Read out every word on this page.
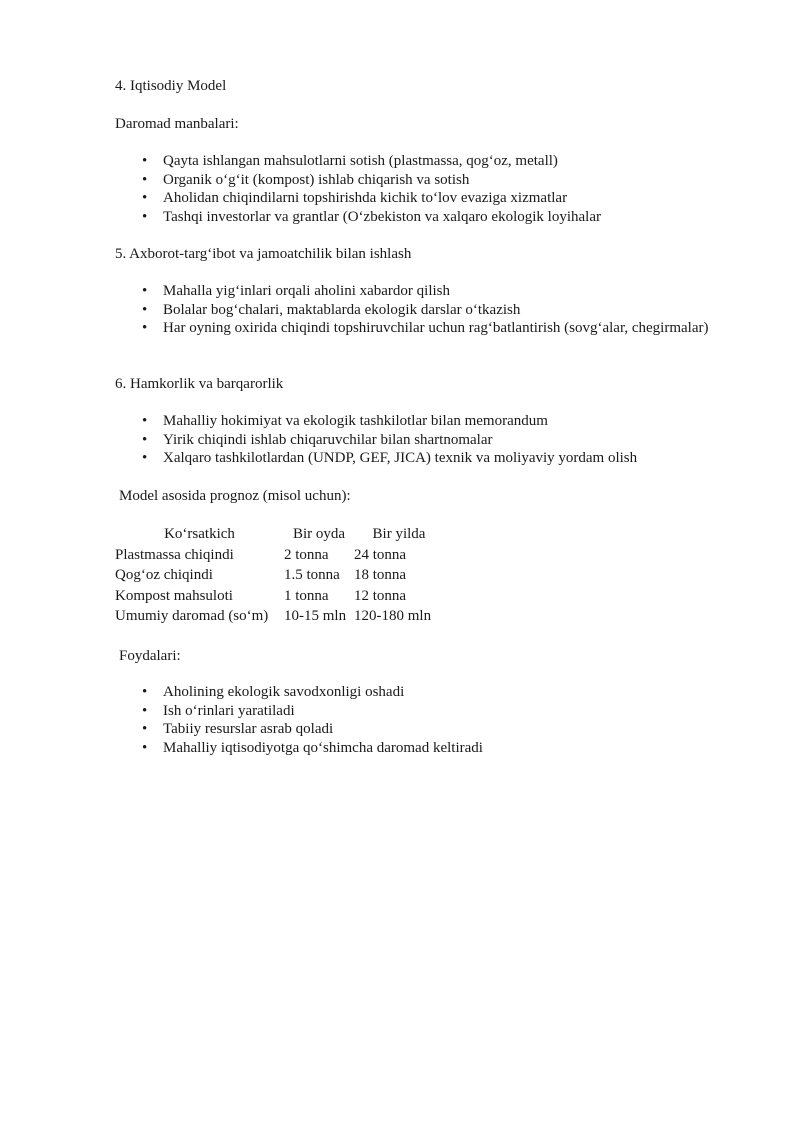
4. Iqtisodiy Model

Daromad manbalari:

• Qayta ishlangan mahsulotlarni sotish (plastmassa, qog‘oz, metall)
• Organik o‘g‘it (kompost) ishlab chiqarish va sotish
• Aholidan chiqindilarni topshirishda kichik to‘lov evaziga xizmatlar
• Tashqi investorlar va grantlar (O‘zbekiston va xalqaro ekologik loyihalar

5. Axborot-targ‘ibot va jamoatchilik bilan ishlash

• Mahalla yig‘inlari orqali aholini xabardor qilish
• Bolalar bog‘chalari, maktablarda ekologik darslar o‘tkazish
• Har oyning oxirida chiqindi topshiruvchilar uchun rag‘batlantirish (sovg‘alar, chegirmalar)

6. Hamkorlik va barqarorlik

• Mahalliy hokimiyat va ekologik tashkilotlar bilan memorandum
• Yirik chiqindi ishlab chiqaruvchilar bilan shartnomalar
• Xalqaro tashkilotlardan (UNDP, GEF, JICA) texnik va moliyaviy yordam olish

Model asosida prognoz (misol uchun):

Ko‘rsatkich	Bir oyda	Bir yilda
Plastmassa chiqindi	2 tonna	24 tonna
Qog‘oz chiqindi	1.5 tonna	18 tonna
Kompost mahsuloti	1 tonna	12 tonna
Umumiy daromad (so‘m)	10-15 mln	120-180 mln

Foydalari:

• Aholining ekologik savodxonligi oshadi
• Ish o‘rinlari yaratiladi
• Tabiiy resurslar asrab qoladi
• Mahalliy iqtisodiyotga qo‘shimcha daromad keltiradi
